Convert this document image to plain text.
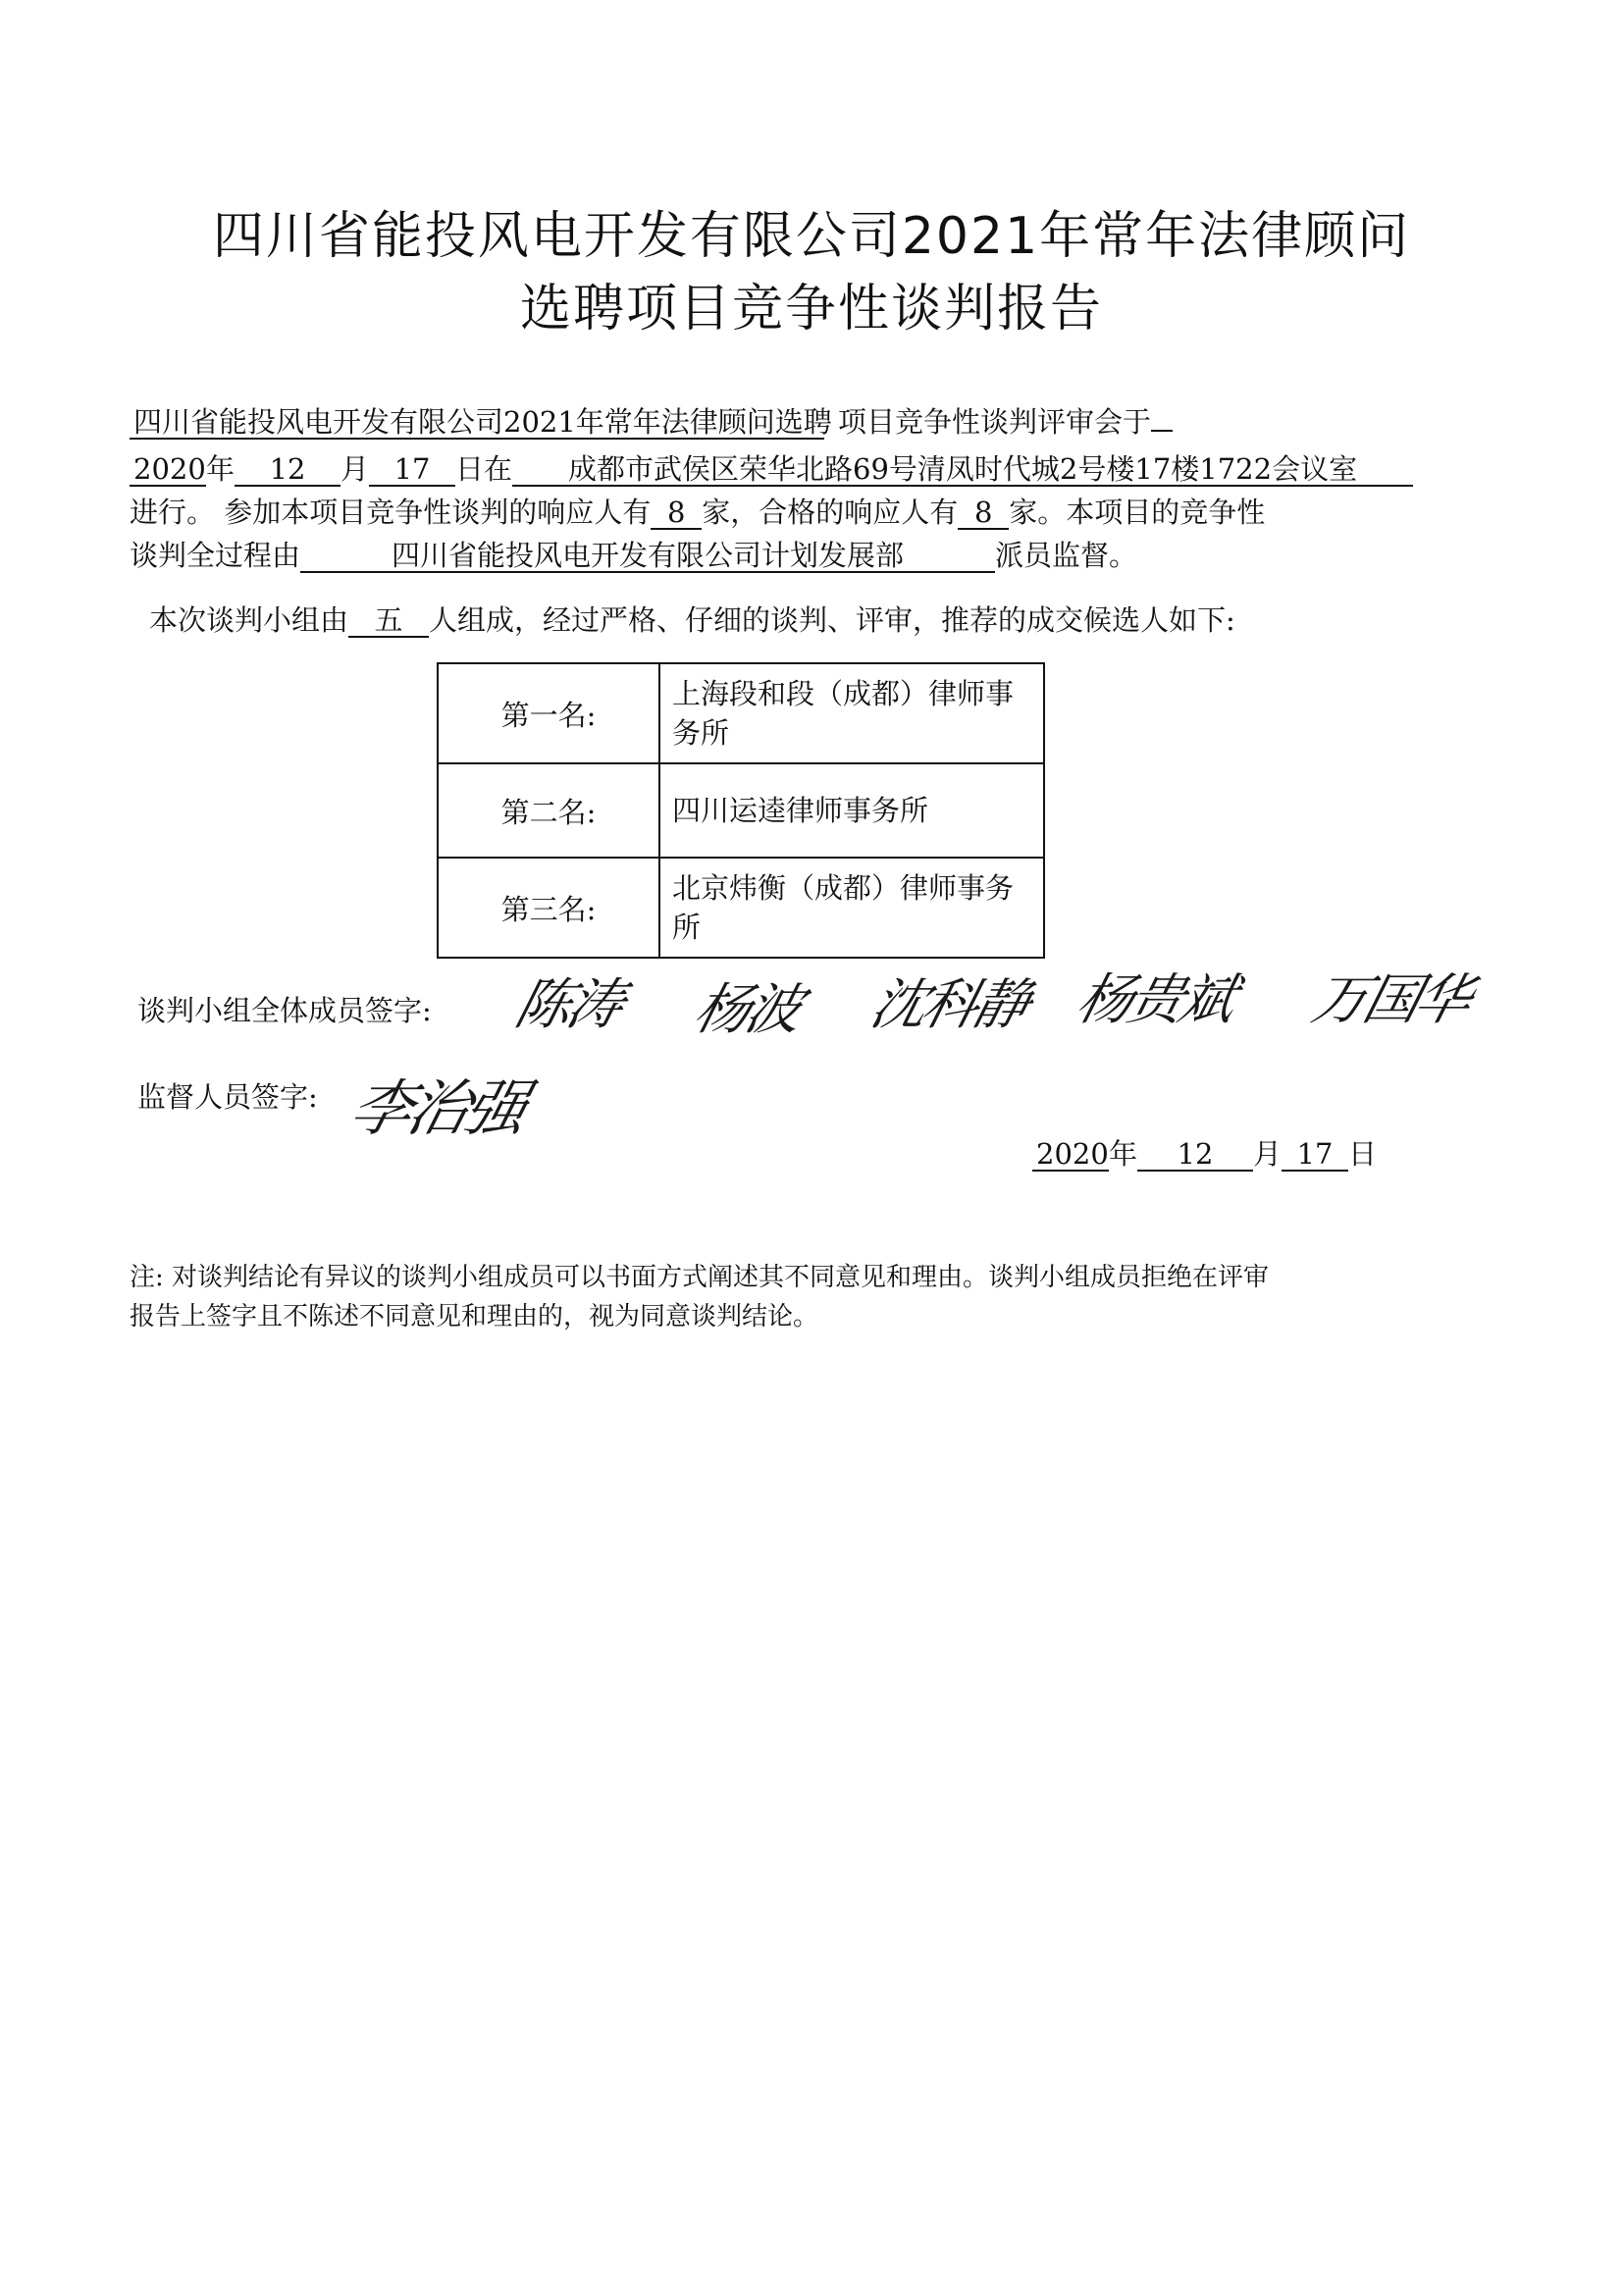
四川省能投风电开发有限公司2021年常年法律顾问
选聘项目竞争性谈判报告
四川省能投风电开发有限公司2021年常年法律顾问选聘 项目竞争性谈判评审会于
2020年 12 月 17 日在 成都市武侯区荣华北路69号清凤时代城2号楼17楼1722会议室
进行。 参加本项目竞争性谈判的响应人有 8 家，合格的响应人有 8 家。本项目的竞争性
谈判全过程由	四川省能投风电开发有限公司计划发展部	派员监督。
本次谈判小组由 五 人组成，经过严格、仔细的谈判、评审，推荐的成交候选人如下:
第一名:	上海段和段（成都）律师事务所
第二名:	四川运逵律师事务所
第三名:	北京炜衡（成都）律师事务所
谈判小组全体成员签字: 陈涛 杨波 沈科静 杨贵斌 万国华
监督人员签字: 李治强
2020年 12 月 17 日
注: 对谈判结论有异议的谈判小组成员可以书面方式阐述其不同意见和理由。谈判小组成员拒绝在评审
报告上签字且不陈述不同意见和理由的，视为同意谈判结论。
